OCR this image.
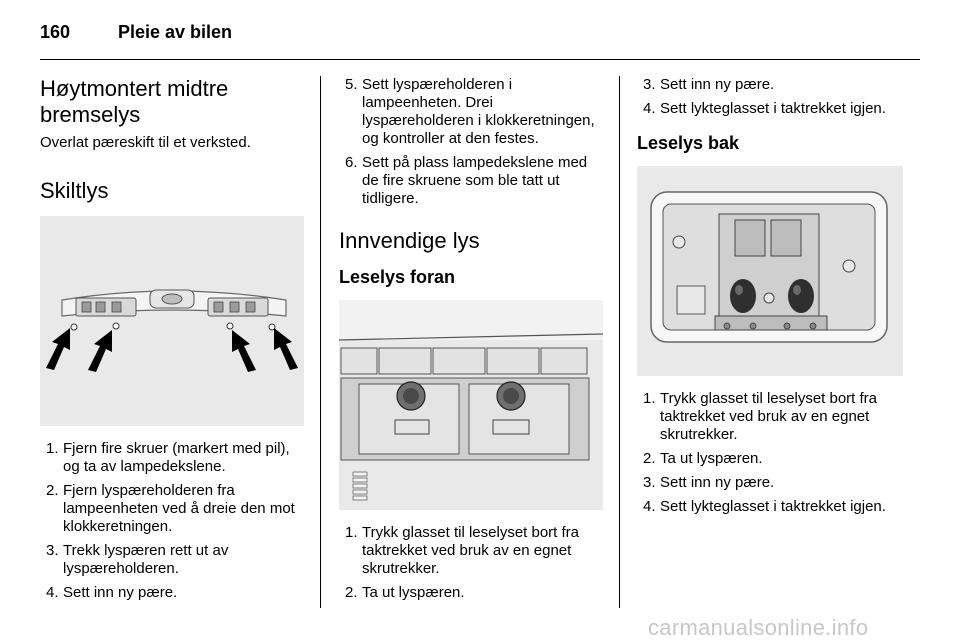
160	Pleie av bilen
Høytmontert midtre
bremselys

Overlat pæreskift til et verksted.

Skiltlys
1. Fjern fire skruer (markert med pil), og ta av lampedekslene.
2. Fjern lyspæreholderen fra lampeenheten ved å dreie den mot klokkeretningen.
3. Trekk lyspæren rett ut av lyspæreholderen.
4. Sett inn ny pære.
5. Sett lyspæreholderen i lampeenheten. Drei lyspæreholderen i klokkeretningen, og kontroller at den festes.
6. Sett på plass lampedekslene med de fire skruene som ble tatt ut tidligere.
Innvendige lys
Leselys foran
1. Trykk glasset til leselyset bort fra taktrekket ved bruk av en egnet skrutrekker.
2. Ta ut lyspæren.
3. Sett inn ny pære.
4. Sett lykteglasset i taktrekket igjen.
Leselys bak
1. Trykk glasset til leselyset bort fra taktrekket ved bruk av en egnet skrutrekker.
2. Ta ut lyspæren.
3. Sett inn ny pære.
4. Sett lykteglasset i taktrekket igjen.
carmanualsonline.info
